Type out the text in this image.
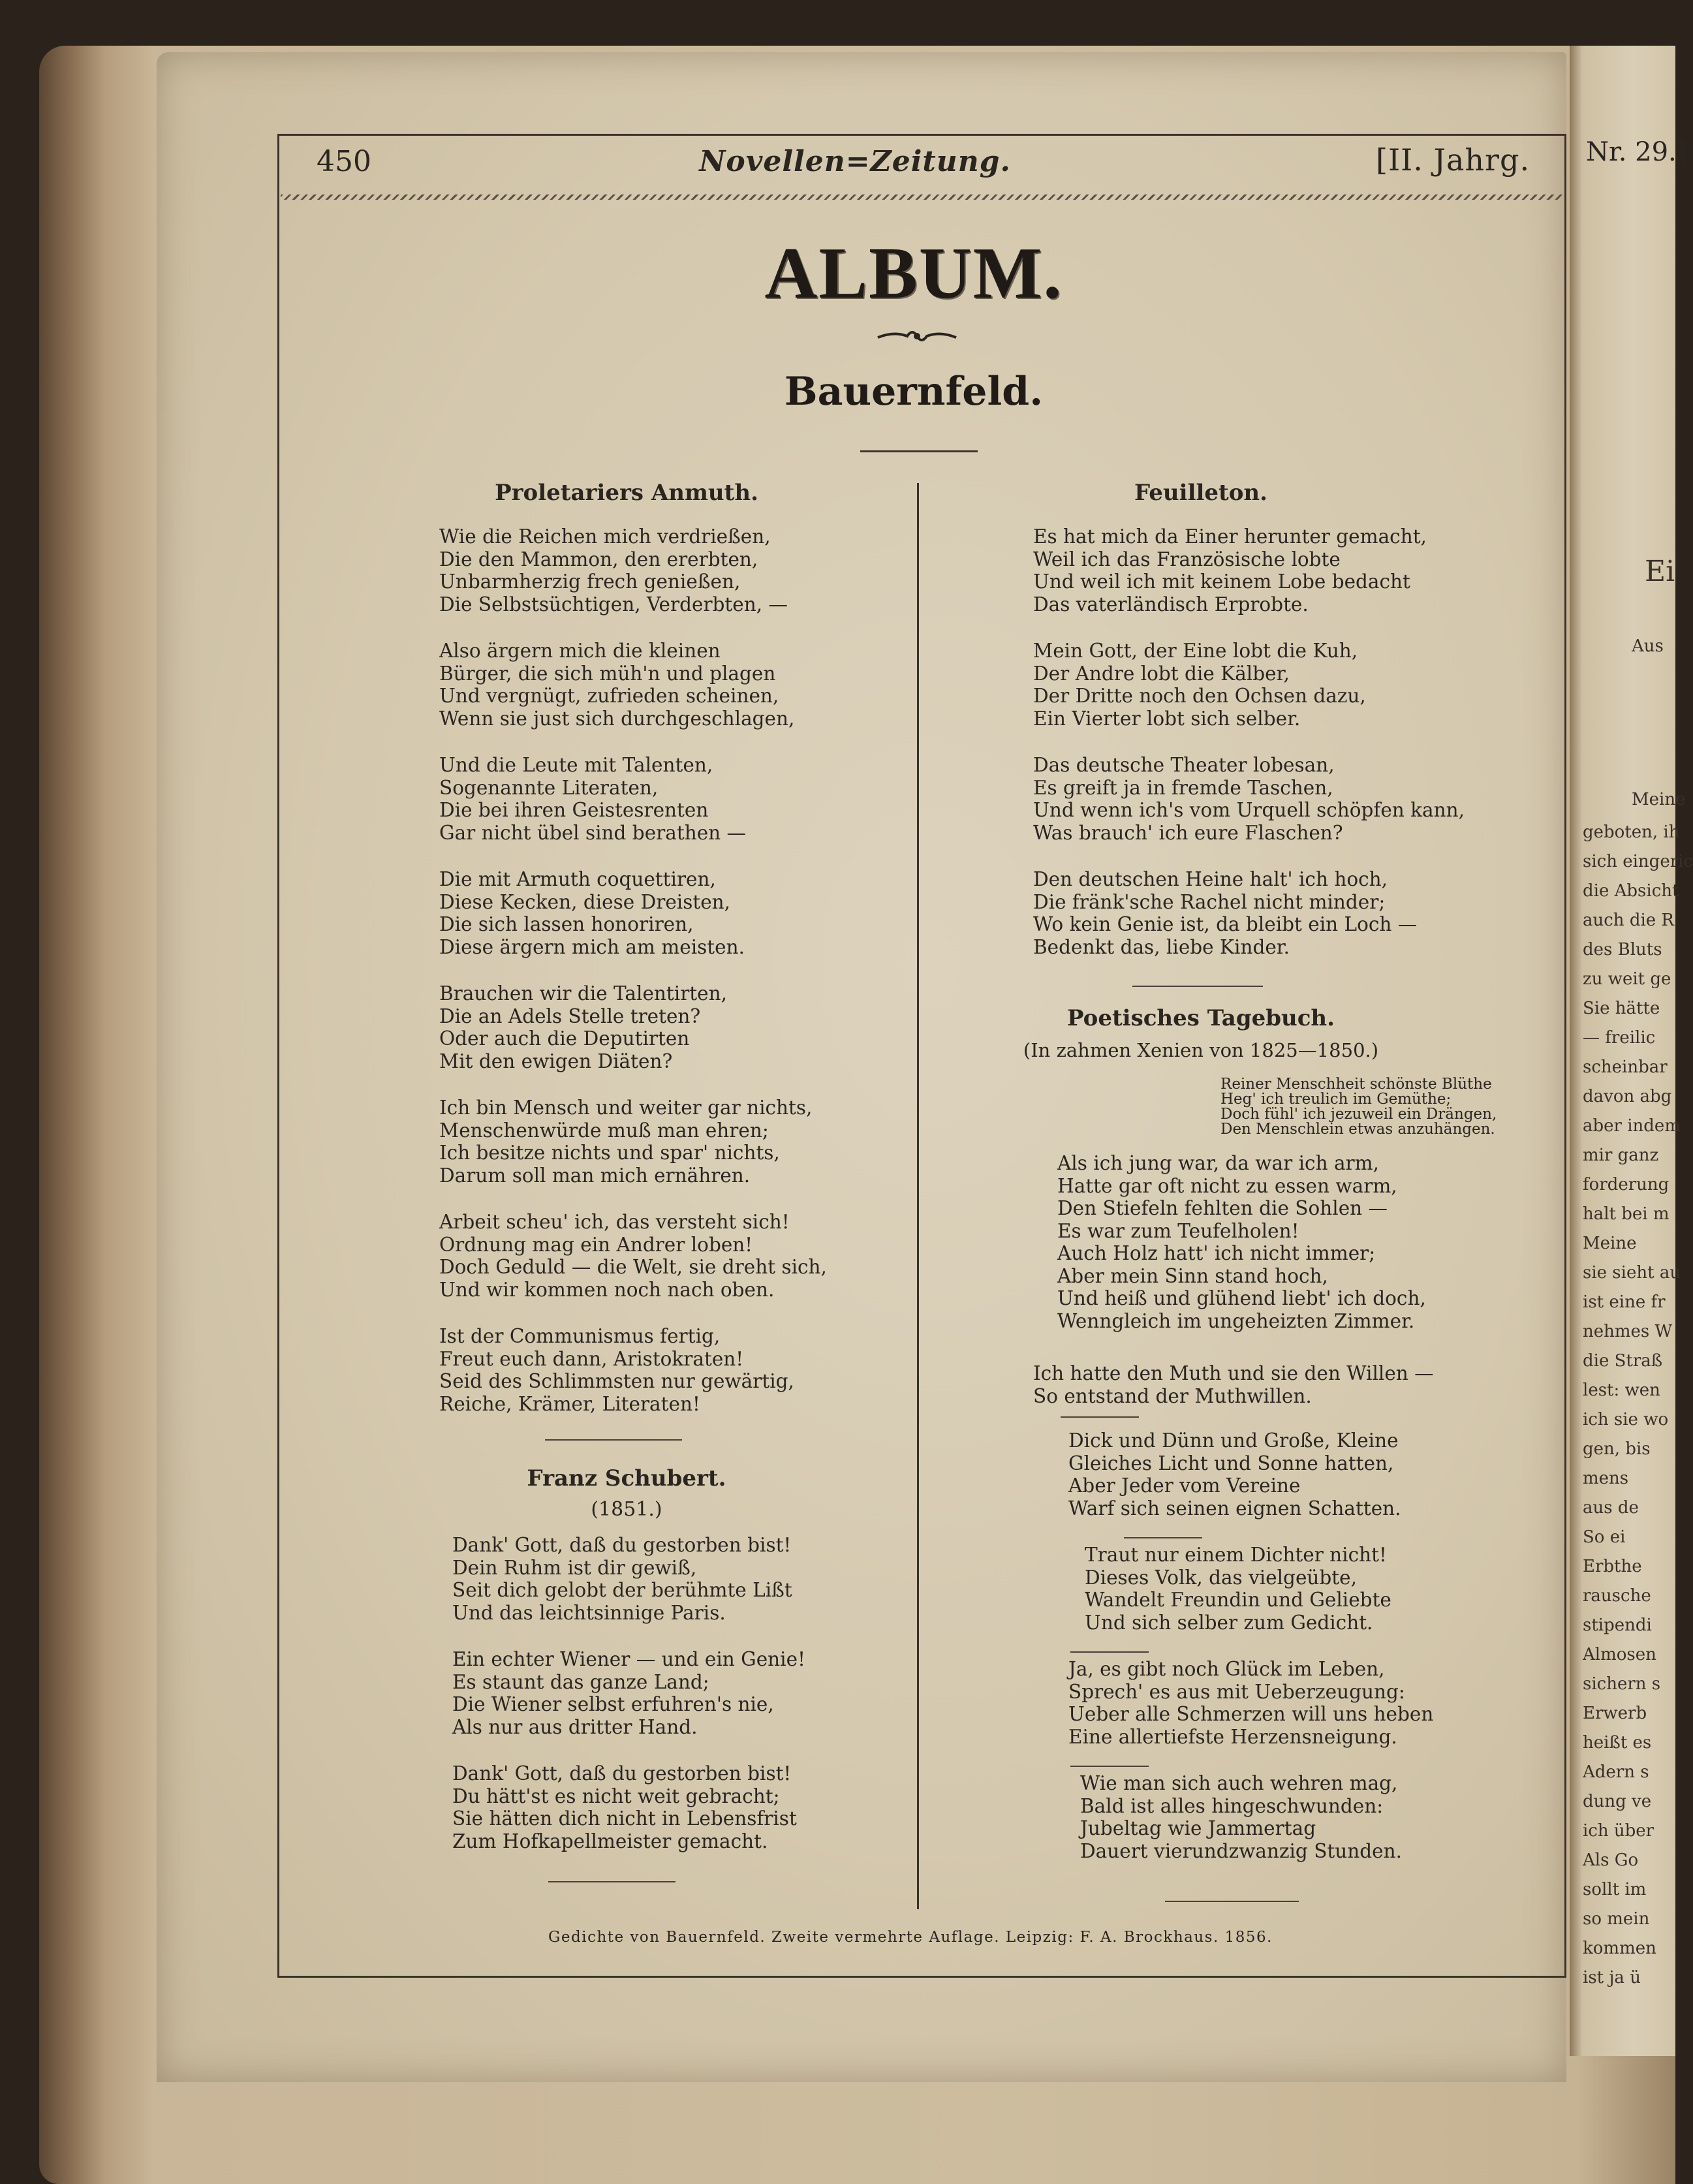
450	Novellen=Zeitung.	[II. Jahrg.
ALBUM.
Bauernfeld.
Proletariers Anmuth.
Wie die Reichen mich verdrießen,
Die den Mammon, den ererbten,
Unbarmherzig frech genießen,
Die Selbstsüchtigen, Verderbten, —
Also ärgern mich die kleinen
Bürger, die sich müh'n und plagen
Und vergnügt, zufrieden scheinen,
Wenn sie just sich durchgeschlagen,
Und die Leute mit Talenten,
Sogenannte Literaten,
Die bei ihren Geistesrenten
Gar nicht übel sind berathen —
Die mit Armuth coquettiren,
Diese Kecken, diese Dreisten,
Die sich lassen honoriren,
Diese ärgern mich am meisten.
Brauchen wir die Talentirten,
Die an Adels Stelle treten?
Oder auch die Deputirten
Mit den ewigen Diäten?
Ich bin Mensch und weiter gar nichts,
Menschenwürde muß man ehren;
Ich besitze nichts und spar' nichts,
Darum soll man mich ernähren.
Arbeit scheu' ich, das versteht sich!
Ordnung mag ein Andrer loben!
Doch Geduld — die Welt, sie dreht sich,
Und wir kommen noch nach oben.
Ist der Communismus fertig,
Freut euch dann, Aristokraten!
Seid des Schlimmsten nur gewärtig,
Reiche, Krämer, Literaten!
Franz Schubert.
(1851.)
Dank' Gott, daß du gestorben bist!
Dein Ruhm ist dir gewiß,
Seit dich gelobt der berühmte Lißt
Und das leichtsinnige Paris.
Ein echter Wiener — und ein Genie!
Es staunt das ganze Land;
Die Wiener selbst erfuhren's nie,
Als nur aus dritter Hand.
Dank' Gott, daß du gestorben bist!
Du hätt'st es nicht weit gebracht;
Sie hätten dich nicht in Lebensfrist
Zum Hofkapellmeister gemacht.
Feuilleton.
Es hat mich da Einer herunter gemacht,
Weil ich das Französische lobte
Und weil ich mit keinem Lobe bedacht
Das vaterländisch Erprobte.
Mein Gott, der Eine lobt die Kuh,
Der Andre lobt die Kälber,
Der Dritte noch den Ochsen dazu,
Ein Vierter lobt sich selber.
Das deutsche Theater lobesan,
Es greift ja in fremde Taschen,
Und wenn ich's vom Urquell schöpfen kann,
Was brauch' ich eure Flaschen?
Den deutschen Heine halt' ich hoch,
Die fränk'sche Rachel nicht minder;
Wo kein Genie ist, da bleibt ein Loch —
Bedenkt das, liebe Kinder.
Poetisches Tagebuch.
(In zahmen Xenien von 1825—1850.)
Reiner Menschheit schönste Blüthe
Heg' ich treulich im Gemüthe;
Doch fühl' ich jezuweil ein Drängen,
Den Menschlein etwas anzuhängen.
Als ich jung war, da war ich arm,
Hatte gar oft nicht zu essen warm,
Den Stiefeln fehlten die Sohlen —
Es war zum Teufelholen!
Auch Holz hatt' ich nicht immer;
Aber mein Sinn stand hoch,
Und heiß und glühend liebt' ich doch,
Wenngleich im ungeheizten Zimmer.
Ich hatte den Muth und sie den Willen —
So entstand der Muthwillen.
Dick und Dünn und Große, Kleine
Gleiches Licht und Sonne hatten,
Aber Jeder vom Vereine
Warf sich seinen eignen Schatten.
Traut nur einem Dichter nicht!
Dieses Volk, das vielgeübte,
Wandelt Freundin und Geliebte
Und sich selber zum Gedicht.
Ja, es gibt noch Glück im Leben,
Sprech' es aus mit Ueberzeugung:
Ueber alle Schmerzen will uns heben
Eine allertiefste Herzensneigung.
Wie man sich auch wehren mag,
Bald ist alles hingeschwunden:
Jubeltag wie Jammertag
Dauert vierundzwanzig Stunden.
Gedichte von Bauernfeld. Zweite vermehrte Auflage. Leipzig: F. A. Brockhaus. 1856.
Nr. 29.]
Ei
Aus
Meine
geboten, ih
sich eingeric
die Absicht
auch die R
des Bluts
zu weit ge
Sie hätte
— freilic
scheinbar
davon abg
aber indem
mir ganz
forderung
halt bei m
Meine
sie sieht au
ist eine fr
nehmes W
die Straß
lest: wen
ich sie wo
gen, bis
mens
aus de
So ei
Erbthe
rausche
stipendi
Almosen
sichern s
Erwerb
heißt es
Adern s
dung ve
ich über
Als Go
sollt im
so mein
kommen
ist ja ü
